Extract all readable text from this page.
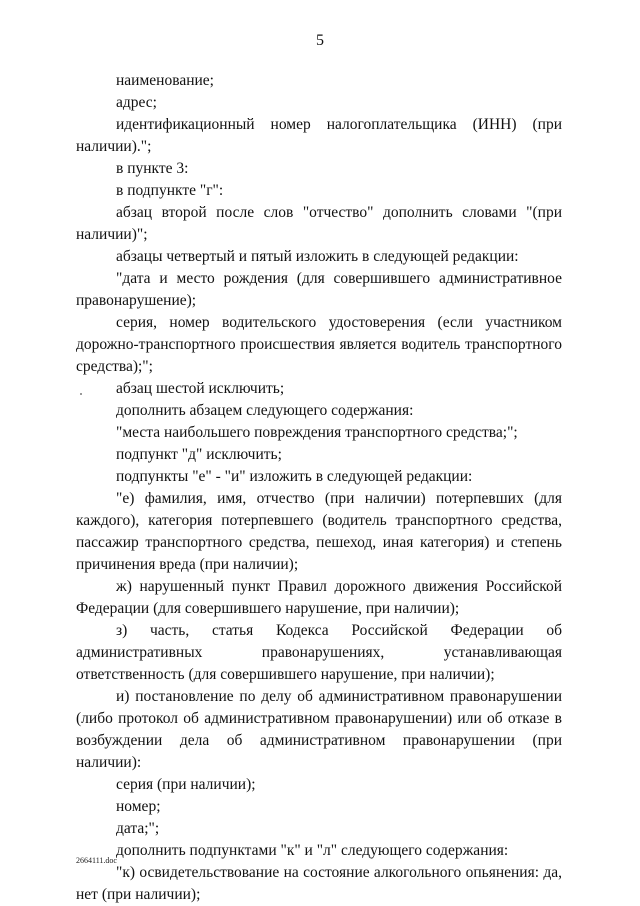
5

наименование;

адрес;

идентификационный номер налогоплательщика (ИНН) (при наличии).";

в пункте 3:

в подпункте "г":

абзац второй после слов "отчество" дополнить словами "(при наличии)";

абзацы четвертый и пятый изложить в следующей редакции:

"дата и место рождения (для совершившего административное правонарушение);

серия, номер водительского удостоверения (если участником дорожно-транспортного происшествия является водитель транспортного средства);";

абзац шестой исключить;

дополнить абзацем следующего содержания:

"места наибольшего повреждения транспортного средства;";

подпункт "д" исключить;

подпункты "е" - "и" изложить в следующей редакции:

"е) фамилия, имя, отчество (при наличии) потерпевших (для каждого), категория потерпевшего (водитель транспортного средства, пассажир транспортного средства, пешеход, иная категория) и степень причинения вреда (при наличии);

ж) нарушенный пункт Правил дорожного движения Российской Федерации (для совершившего нарушение, при наличии);

з) часть, статья Кодекса Российской Федерации об административных правонарушениях, устанавливающая ответственность (для совершившего нарушение, при наличии);

и) постановление по делу об административном правонарушении (либо протокол об административном правонарушении) или об отказе в возбуждении дела об административном правонарушении (при наличии):

серия (при наличии);

номер;

дата;";

дополнить подпунктами "к" и "л" следующего содержания:

"к) освидетельствование на состояние алкогольного опьянения: да, нет (при наличии);

2664111.doc
